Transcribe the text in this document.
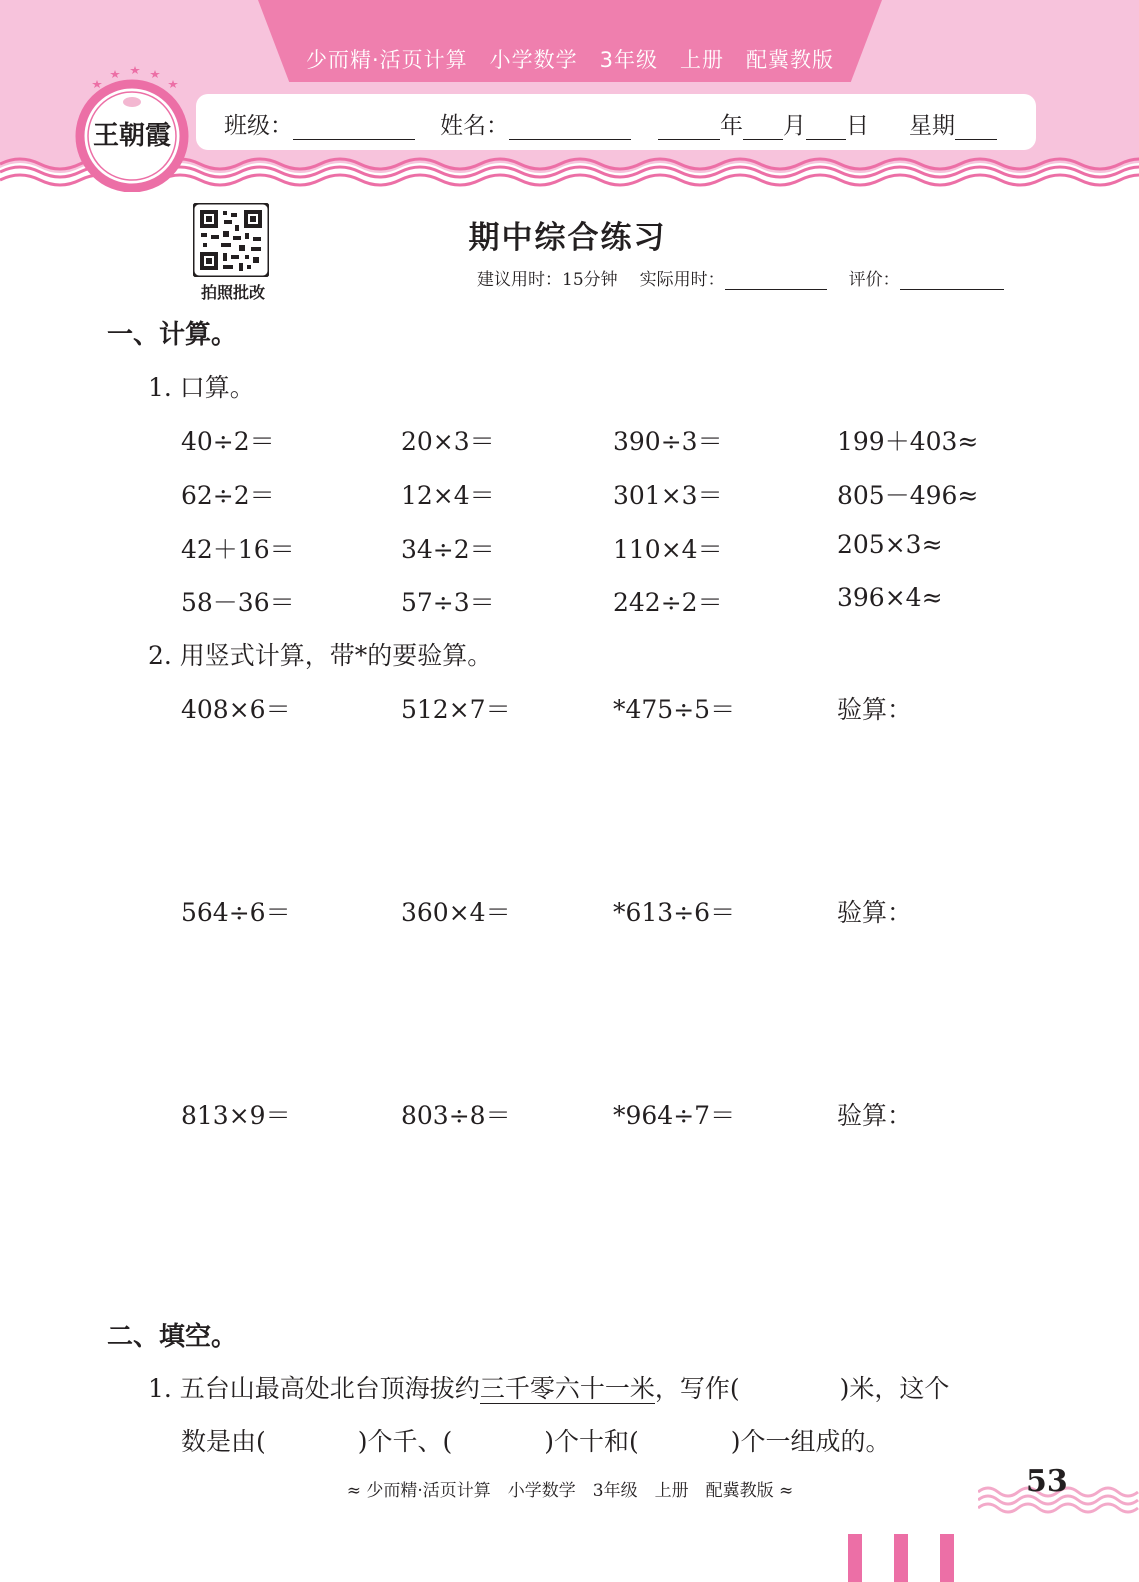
少而精·活页计算　小学数学　3年级　上册　配冀教版
班级：	姓名：	年 月 日 星期
王朝霞
拍照批改
期中综合练习
建议用时：15分钟 实际用时：	评价：
一、计算。
1. 口算。
40÷2＝	20×3＝	390÷3＝	199＋403≈
62÷2＝	12×4＝	301×3＝	805－496≈
42＋16＝	34÷2＝	110×4＝	205×3≈
58－36＝	57÷3＝	242÷2＝	396×4≈
2. 用竖式计算，带*的要验算。
408×6＝	512×7＝	*475÷5＝	验算：
564÷6＝	360×4＝	*613÷6＝	验算：
813×9＝	803÷8＝	*964÷7＝	验算：
二、填空。
1. 五台山最高处北台顶海拔约三千零六十一米，写作(	)米，这个
数是由(	)个千、(	)个十和(	)个一组成的。
≈ 少而精·活页计算　小学数学　3年级　上册　配冀教版 ≈	53
